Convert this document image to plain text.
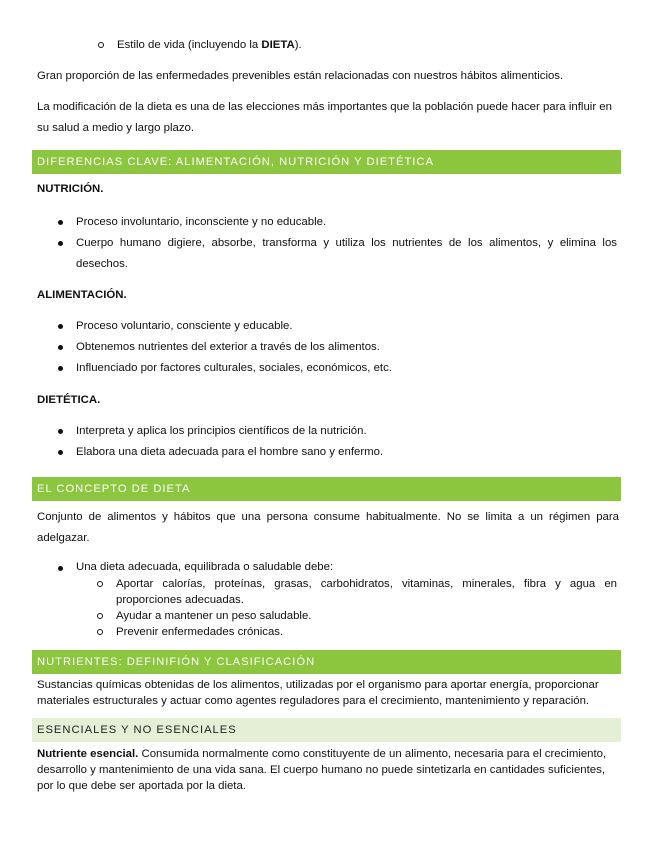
Estilo de vida (incluyendo la DIETA).

Gran proporción de las enfermedades prevenibles están relacionadas con nuestros hábitos alimenticios.

La modificación de la dieta es una de las elecciones más importantes que la población puede hacer para influir en su salud a medio y largo plazo.

DIFERENCIAS CLAVE: ALIMENTACIÓN, NUTRICIÓN Y DIETÉTICA
NUTRICIÓN.
Proceso involuntario, inconsciente y no educable.
Cuerpo humano digiere, absorbe, transforma y utiliza los nutrientes de los alimentos, y elimina los desechos.
ALIMENTACIÓN.
Proceso voluntario, consciente y educable.
Obtenemos nutrientes del exterior a través de los alimentos.
Influenciado por factores culturales, sociales, económicos, etc.
DIETÉTICA.
Interpreta y aplica los principios científicos de la nutrición.
Elabora una dieta adecuada para el hombre sano y enfermo.
EL CONCEPTO DE DIETA

Conjunto de alimentos y hábitos que una persona consume habitualmente. No se limita a un régimen para adelgazar.

Una dieta adecuada, equilibrada o saludable debe:
Aportar calorías, proteínas, grasas, carbohidratos, vitaminas, minerales, fibra y agua en proporciones adecuadas.
Ayudar a mantener un peso saludable.
Prevenir enfermedades crónicas.
NUTRIENTES: DEFINIFIÓN Y CLASIFICACIÓN

Sustancias químicas obtenidas de los alimentos, utilizadas por el organismo para aportar energía, proporcionar materiales estructurales y actuar como agentes reguladores para el crecimiento, mantenimiento y reparación.

ESENCIALES Y NO ESENCIALES

Nutriente esencial. Consumida normalmente como constituyente de un alimento, necesaria para el crecimiento, desarrollo y mantenimiento de una vida sana. El cuerpo humano no puede sintetizarla en cantidades suficientes, por lo que debe ser aportada por la dieta.
